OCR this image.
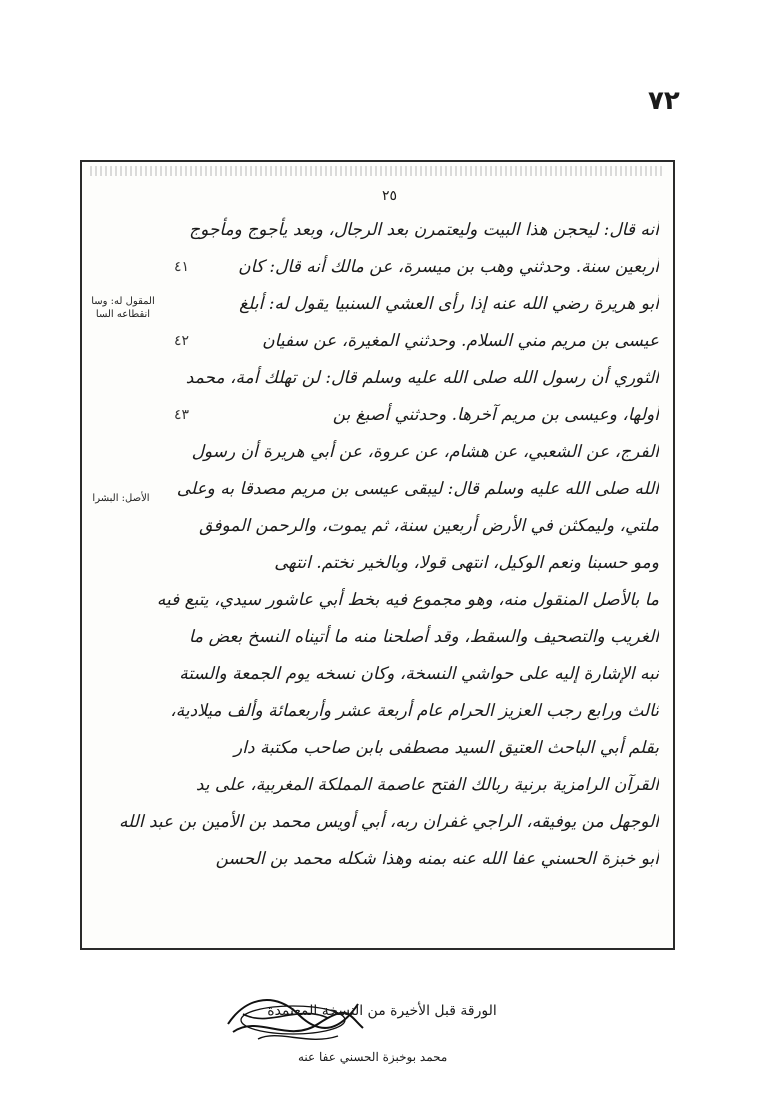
٧٢
٢٥
أنه قال: ليحجن هذا البيت وليعتمرن بعد الرجال، وبعد يأجوج ومأجوج
أربعين سنة. وحدثني وهب بن ميسرة، عن مالك أنه قال: كان
أبو هريرة رضي الله عنه إذا رأى العشي السنبيا يقول له: أبلغ
عيسى بن مريم مني السلام. وحدثني المغيرة، عن سفيان
الثوري أن رسول الله صلى الله عليه وسلم قال: لن تهلك أمة، محمد
أولها، وعيسى بن مريم آخرها. وحدثني أصبغ بن
الفرج، عن الشعبي، عن هشام، عن عروة، عن أبي هريرة أن رسول
الله صلى الله عليه وسلم قال: ليبقى عيسى بن مريم مصدقا به وعلى
ملتي، وليمكثن في الأرض أربعين سنة، ثم يموت، والرحمن الموفق
ومو حسبنا ونعم الوكيل، انتهى قولا، وبالخير نختم. انتهى
ما بالأصل المنقول منه، وهو مجموع فيه بخط أبي عاشور سيدي، يتبع فيه
الغريب والتصحيف والسقط، وقد أصلحنا منه ما أتيناه النسخ بعض ما
نبه الإشارة إليه على حواشي النسخة، وكان نسخه يوم الجمعة والستة
ثالث ورابع رجب العزيز الحرام عام أربعة عشر وأربعمائة وألف ميلادية،
بقلم أبي الباحث العتيق السيد مصطفى بابن صاحب مكتبة دار
القرآن الرامزية برنية ربالك الفتح عاصمة المملكة المغربية، على يد
الوجهل من يوفيقه، الراجي غفران ربه، أبي أويس محمد بن الأمين بن عبد الله
أبو خبزة الحسني عفا الله عنه بمنه وهذا شكله محمد بن الحسن
٤١
٤٢
٤٣
المقول له: وسا
انقطاعه السا
الأصل: البشرا
محمد بوخبزة الحسني عفا عنه
الورقة قبل الأخيرة من النسخة المعتمدة
